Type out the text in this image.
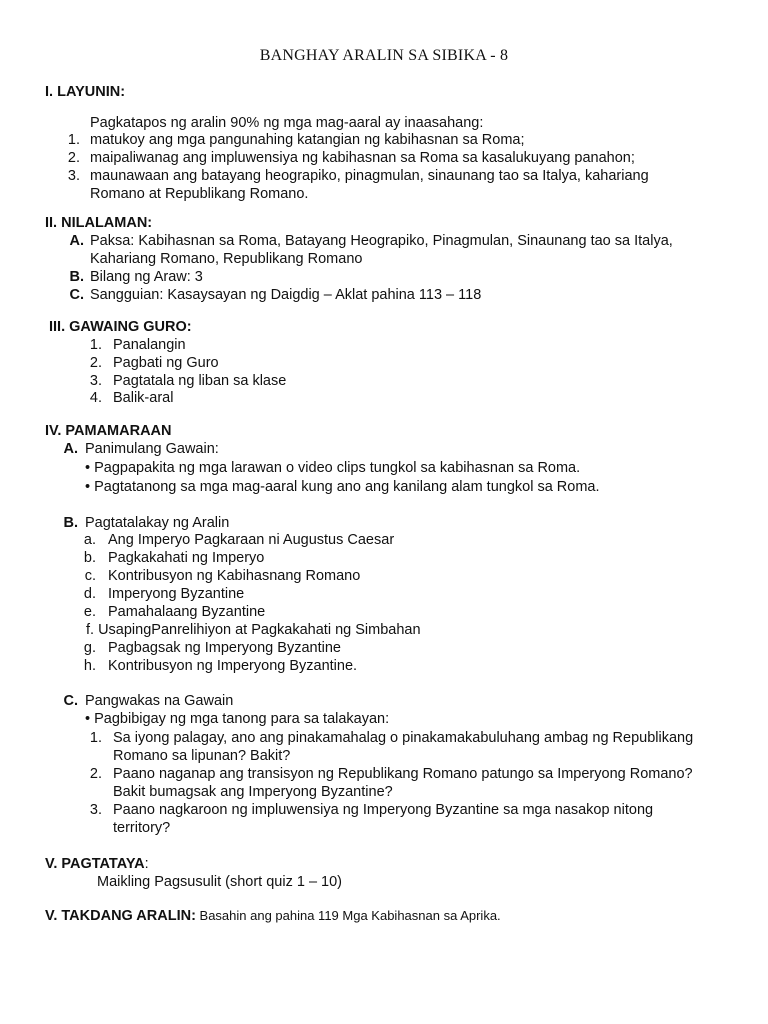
BANGHAY ARALIN SA SIBIKA - 8
I. LAYUNIN:
Pagkatapos ng aralin 90% ng mga mag-aaral ay inaasahang:
1. matukoy ang mga pangunahing katangian ng kabihasnan sa Roma;
2. maipaliwanag ang impluwensiya ng kabihasnan sa Roma sa kasalukuyang panahon;
3. maunawaan ang batayang heograpiko, pinagmulan, sinaunang tao sa Italya, kahariang
Romano at Republikang Romano.
II. NILALAMAN:
A. Paksa: Kabihasnan sa Roma, Batayang Heograpiko, Pinagmulan, Sinaunang tao sa Italya,
Kahariang Romano, Republikang Romano
B. Bilang ng Araw: 3
C. Sangguian: Kasaysayan ng Daigdig – Aklat pahina 113 – 118
III. GAWAING GURO:
1. Panalangin
2. Pagbati ng Guro
3. Pagtatala ng liban sa klase
4. Balik-aral
IV. PAMAMARAAN
A. Panimulang Gawain:
• Pagpapakita ng mga larawan o video clips tungkol sa kabihasnan sa Roma.
• Pagtatanong sa mga mag-aaral kung ano ang kanilang alam tungkol sa Roma.
B. Pagtatalakay ng Aralin
a. Ang Imperyo Pagkaraan ni Augustus Caesar
b. Pagkakahati ng Imperyo
c. Kontribusyon ng Kabihasnang Romano
d. Imperyong Byzantine
e. Pamahalaang Byzantine
f. UsapingPanrelihiyon at Pagkakahati ng Simbahan
g. Pagbagsak ng Imperyong Byzantine
h. Kontribusyon ng Imperyong Byzantine.
C. Pangwakas na Gawain
• Pagbibigay ng mga tanong para sa talakayan:
1. Sa iyong palagay, ano ang pinakamahalag o pinakamakabuluhang ambag ng Republikang
Romano sa lipunan? Bakit?
2. Paano naganap ang transisyon ng Republikang Romano patungo sa Imperyong Romano?
Bakit bumagsak ang Imperyong Byzantine?
3. Paano nagkaroon ng impluwensiya ng Imperyong Byzantine sa mga nasakop nitong
territory?
V. PAGTATAYA:
Maikling Pagsusulit (short quiz 1 – 10)
V. TAKDANG ARALIN: Basahin ang pahina 119 Mga Kabihasnan sa Aprika.
